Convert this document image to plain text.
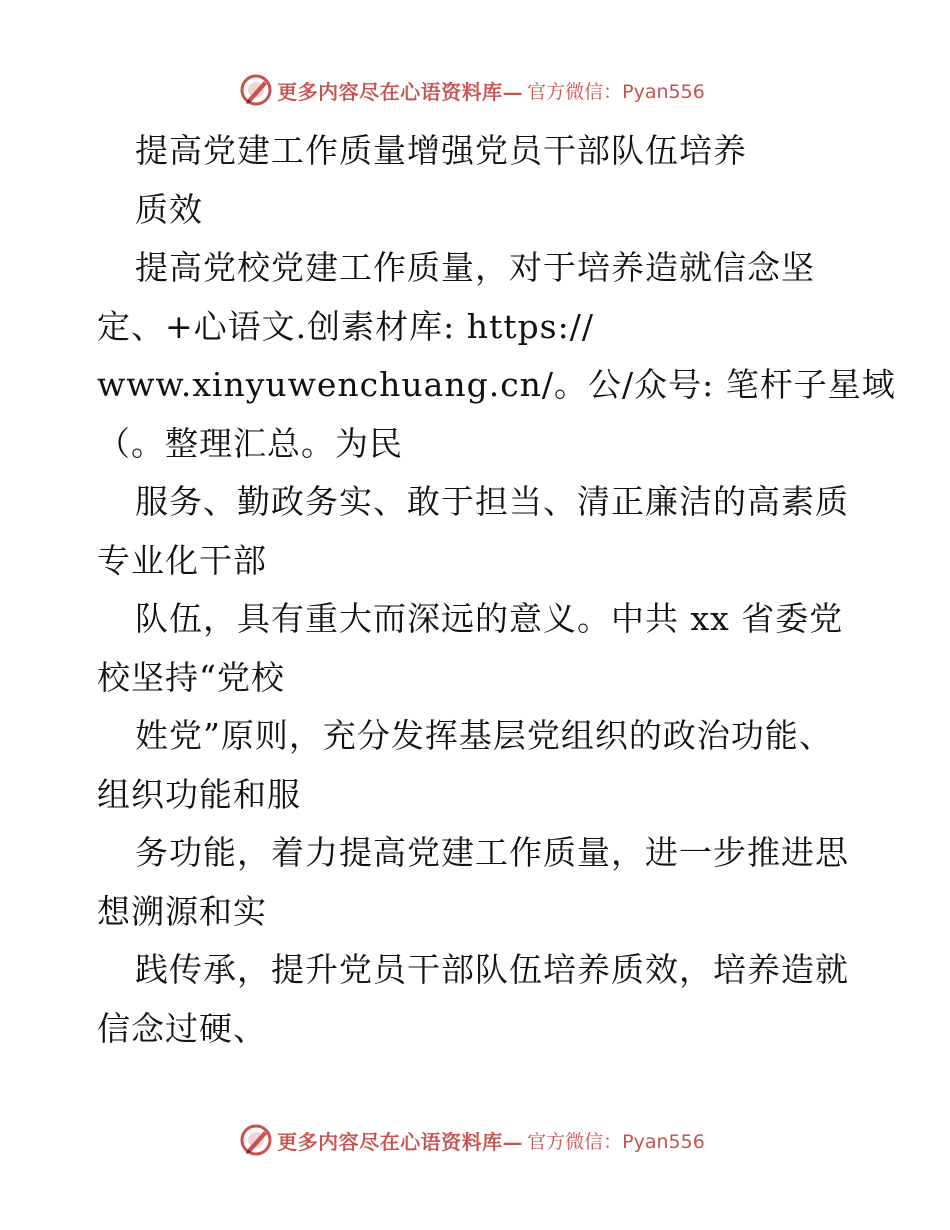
更多内容尽在心语资料库— 官方微信：Pyan556
提高党建工作质量增强党员干部队伍培养
质效
提高党校党建工作质量，对于培养造就信念坚
定、+心语文.创素材库: https://
www.xinyuwenchuang.cn/。公/众号: 笔杆子星域
（。整理汇总。为民
服务、勤政务实、敢于担当、清正廉洁的高素质
专业化干部
队伍，具有重大而深远的意义。中共 xx 省委党
校坚持“党校
姓党”原则，充分发挥基层党组织的政治功能、
组织功能和服
务功能，着力提高党建工作质量，进一步推进思
想溯源和实
践传承，提升党员干部队伍培养质效，培养造就
信念过硬、
更多内容尽在心语资料库— 官方微信：Pyan556
